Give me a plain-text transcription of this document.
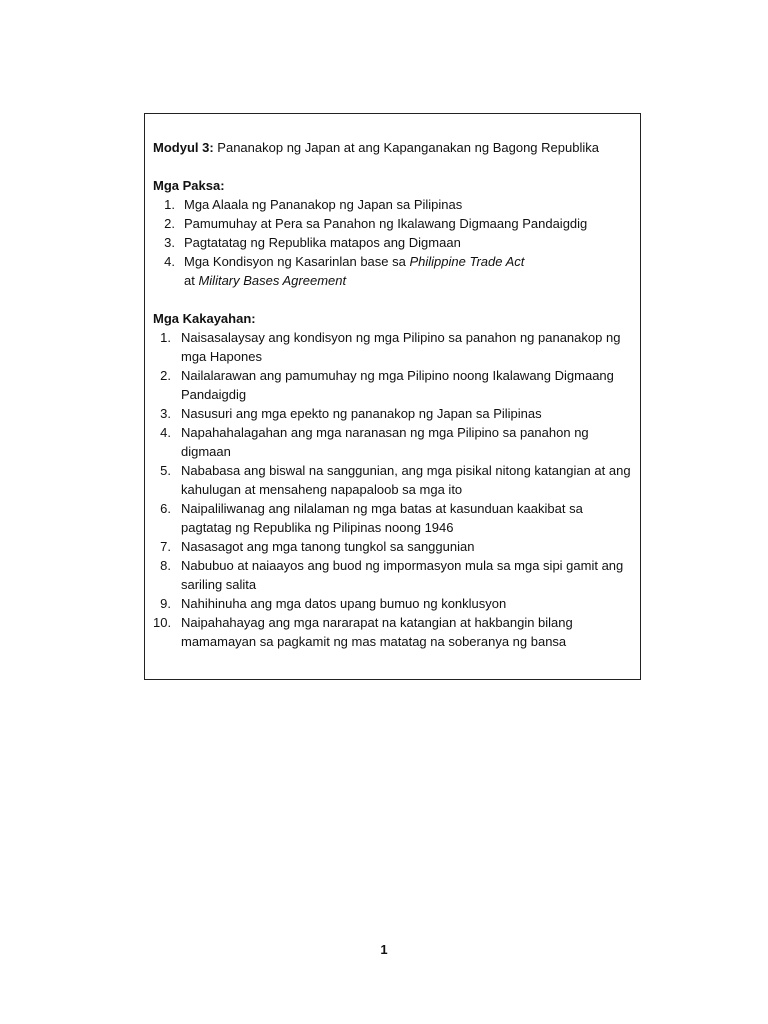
Modyul 3: Pananakop ng Japan at ang Kapanganakan ng Bagong Republika

Mga Paksa:

1. Mga Alaala ng Pananakop ng Japan sa Pilipinas
2. Pamumuhay at Pera sa Panahon ng Ikalawang Digmaang Pandaigdig
3. Pagtatatag ng Republika matapos ang Digmaan
4. Mga Kondisyon ng Kasarinlan base sa Philippine Trade Act
at Military Bases Agreement

Mga Kakayahan:

1. Naisasalaysay ang kondisyon ng mga Pilipino sa panahon ng pananakop ng mga Hapones
2. Nailalarawan ang pamumuhay ng mga Pilipino noong Ikalawang Digmaang Pandaigdig
3. Nasusuri ang mga epekto ng pananakop ng Japan sa Pilipinas
4. Napahahalagahan ang mga naranasan ng mga Pilipino sa panahon ng digmaan
5. Nababasa ang biswal na sanggunian, ang mga pisikal nitong katangian at ang kahulugan at mensaheng napapaloob sa mga ito
6. Naipaliliwanag ang nilalaman ng mga batas at kasunduan kaakibat sa pagtatag ng Republika ng Pilipinas noong 1946
7. Nasasagot ang mga tanong tungkol sa sanggunian
8. Nabubuo at naiaayos ang buod ng impormasyon mula sa mga sipi gamit ang sariling salita
9. Nahihinuha ang mga datos upang bumuo ng konklusyon
10. Naipahahayag ang mga nararapat na katangian at hakbangin bilang mamamayan sa pagkamit ng mas matatag na soberanya ng bansa
1
